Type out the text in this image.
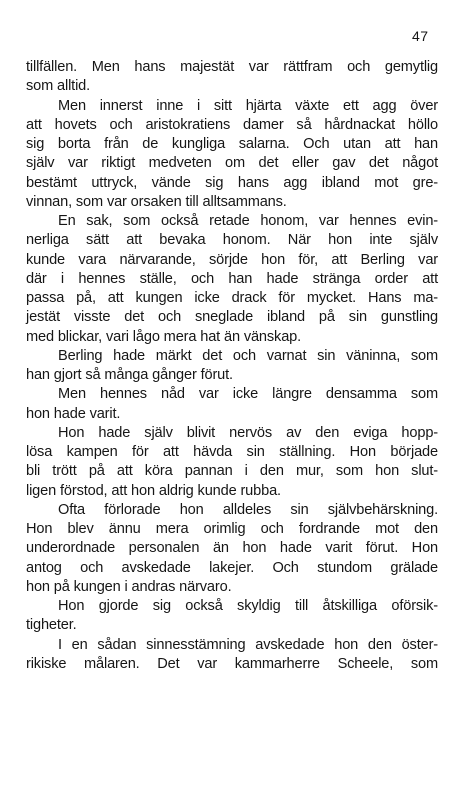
47
tillfällen. Men hans majestät var rättfram och gemytlig
som alltid.
Men innerst inne i sitt hjärta växte ett agg över
att hovets och aristokratiens damer så hårdnackat höllo
sig borta från de kungliga salarna. Och utan att han
själv var riktigt medveten om det eller gav det något
bestämt uttryck, vände sig hans agg ibland mot gre-
vinnan, som var orsaken till alltsammans.
En sak, som också retade honom, var hennes evin-
nerliga sätt att bevaka honom. När hon inte själv
kunde vara närvarande, sörjde hon för, att Berling var
där i hennes ställe, och han hade stränga order att
passa på, att kungen icke drack för mycket. Hans ma-
jestät visste det och sneglade ibland på sin gunstling
med blickar, vari lågo mera hat än vänskap.
Berling hade märkt det och varnat sin väninna, som
han gjort så många gånger förut.
Men hennes nåd var icke längre densamma som
hon hade varit.
Hon hade själv blivit nervös av den eviga hopp-
lösa kampen för att hävda sin ställning. Hon började
bli trött på att köra pannan i den mur, som hon slut-
ligen förstod, att hon aldrig kunde rubba.
Ofta förlorade hon alldeles sin självbehärskning.
Hon blev ännu mera orimlig och fordrande mot den
underordnade personalen än hon hade varit förut. Hon
antog och avskedade lakejer. Och stundom grälade
hon på kungen i andras närvaro.
Hon gjorde sig också skyldig till åtskilliga oförsik-
tigheter.
I en sådan sinnesstämning avskedade hon den öster-
rikiske målaren. Det var kammarherre Scheele, som
